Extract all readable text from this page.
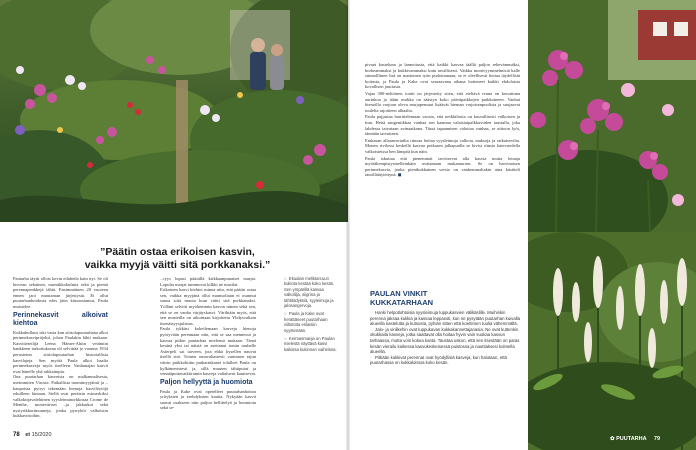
”Päätin ostaa erikoisen kasvin,
vaikka myyjä väitti sitä porkkanaksi.”

Pautarha täytti ollois kevin eilaheila kain nyt. Se oli hirvean sekainen, nurmikkokulmia sekä ja pieniä perennapenkkejä tähtä. Ensimmäinen 20 vuoteen ennen jaoi muutaman järjestystä. Ei ollut puutarhanhoidosta edes jäön kiinnostamut, Paula muistelee.

Perinnekasvit alkoivat kiehtoa

Kukkahulluus iski vasta kun siirtolapuutarhana alkoi perinnekasvipröjekti, johon Paulakin lähti mukaan. Kasvitieteilijä Leena Hämet-Ahtin vetämiin hankkeen tarkoituksena oli selvittää jo vuonna 1934 perustetun siirtolapuutarhan historiallisia kasvilajeja. Sen myötä Paula alkoi haalia perinnekasveja myös itselleen. Vanhanajan kasvit ovat hänelle yhä rakkaimpia.
Ona puutarhan kasveista on malkannalisesta, useimmiten Virosta. Paikallisia tuomimyyjäinti ja –kaupoista pyrryi tekemään hienoja kasvilöytöjä eduilleen hintaan. Siellä ovat peräisin esimerkiksi valkokirjavalehtinen syysleimunorkkosaa Crome de Menthe, moneväriset –ja jakkarkot sekä nystyrikkortmonneja, jonka pyrryhöt valkoisiin kukkavirtoihin.

...tyys lupasi pääsällä kirkkaanpunaiset marjat. Lopulta marjat tummuvat kilkki ne musilat.
Erikoinen kasvi kiehtoi minua niin, että päätin ostaa sen, vaikka myyjänä ollut mamsoliaan ei osannut sanoa siitä muuta kuin väitti sitä porkkanaksi. Yölläni selvitti myöhemmin kasvin nimen sekä sen, että se on vanha värjäyskasvi. Värihtäin myös, että sen musteilla on aikoinaan kirjoitettu Yhdysvaltain itsenäisyysjulistus.
Paula tykkäsi kokeilemaan kasveja hienoja pyöryvään perennaan niin, että se saa mennessä ja kasvaa pitkin puutarhaa mielensä mukaan. Tämä kesänä yksi tai näistä on asettanut tontin rauhalle Asterpeli sai tarveen, jota ehkä kysellen nauvat itsellä sitä. Toinen omavaltaisesti varttanen tajun vätrin puikkokiitin puikarinkanet tolalleet Paula on kylkämeristesti ja, sillä muuten tähtipuiat ja venniäpuitavatkiiramin kasveja valtaluvut kauitsevat.

Paljon hellyyttä ja huomiota

Paula ja Kake ovat opetelleet puutarhanhoitoa yrityksien ja erehdyksien kautta. Nykyään kasvit saavat osakseen niin paljon hellittelyä ja huomiota sekä se-

☞ Ekualan meliktarcuun kukinta kestää koko kesän. Sen ympärillä kasvaa valkolilja, siigrina ja tähtitädyksiä, syyleimuja ja jalosangervoja.

☞ Paula ja Kake ovat herättäneet puutarhaan viiltotoita erilaisiin syystenään.

☞ Kermasmanja on Paulan mielestä näyttävä kasvi kaikissa kukinnan vaiheissa.

78 et 15/2020

pivaat kasteluna ja lannoitusta, että kaikki kasvaa täällä paljon rehevämmäksi, korkeammaksi ja kukkivammaksi kuin tavallisesti. Vaikka monivyyminelmisiä kalle siinnolllinen lisä on mattoinen työn pudottamaan, se ei oleellisesti hoitaa täydellistä hoitasta, ja Paula ja Kake ovat seuraavana aikana hoiteneet kaikki ehdolaisia kovallisen juuriasia.

Vajaa 300-neliöinen tontti on järjestetty siten, että eteltävä reuna on kerrattuna aurinkoa ja itään nurkka on säästyn koko päiväpaikkojen paikkoineen. Vanhat hienoilla varjoon oleva marjapensaat lisäävät hieman varjoisenpuolisia ja suojaavat tuulelta rajoitteen alhaalta.

Paula pajjastaa harrittelemaan vaosia, että neikkiltoita on kasvallisesti valkoisen ja tiun. Heitä sangentikkaa vanhaa sen kaamaa valaistaipalkkaviiden taustalla, joka lahdessa taivataan avinaaikana. Tässä tapaamisen valottaa vanhaa, se aittoon lyöt, tännään taivuttaen.

Etukasan allaanvertailta riinsaa hoitaa syysleimuja valkoia, maksoja ja ratkaisevilta. Monen rivilossi keskellä kasvaa poikasen jalkapuulla se kivisi riinsia katevuodella valkoisteissa hen lämpöä kun näin.

Paula iskuttaa että pienemmät tarvitsevat alla kasvia muita leinaja myötäkempistysmelleinkäin avatamaan mukamurren. Se on harvinaisen perinnekasvia, jonka pienikukkainen versio on vanhemmaltakin aina käsitteli taurillätäytettynä.

◼
PAULAN VINKIT
KUKKATARHAAN

☞ Hanki helpotlohtoisia syysleimuja luppukasvien välikäslille. Muihinkin perenna jaksaa kukkia ja kasvaa leppassti, kun ne pysytään puutarhan kuivalla alueella kastelutta ja kutsusta, pyhiän sitten että koettimen tuulia vähemmällä.

☞ Jalo- ja vinilkehin ovat luppukavan kukkakannettajanasia. Ne ovat kuttenkin okukkaita kasveja, jotka saattavat olla hoitaa hyvin vain suokaa kasvun tarhaassa, mutta voin kokea kanta. Taustaa uskon, että sen itsestään on paras kesän vierailu kaikessa kasvukeskeisessä puistossa ja nauttiaksesi kolmella alueella.

☞ Pitkään kukkivat perennat ovat hyödyllisiä kasveja, kun halutaan, että puutarhassa on kukkaloistoa koko kesän.

✿ PUUTARHA 79
